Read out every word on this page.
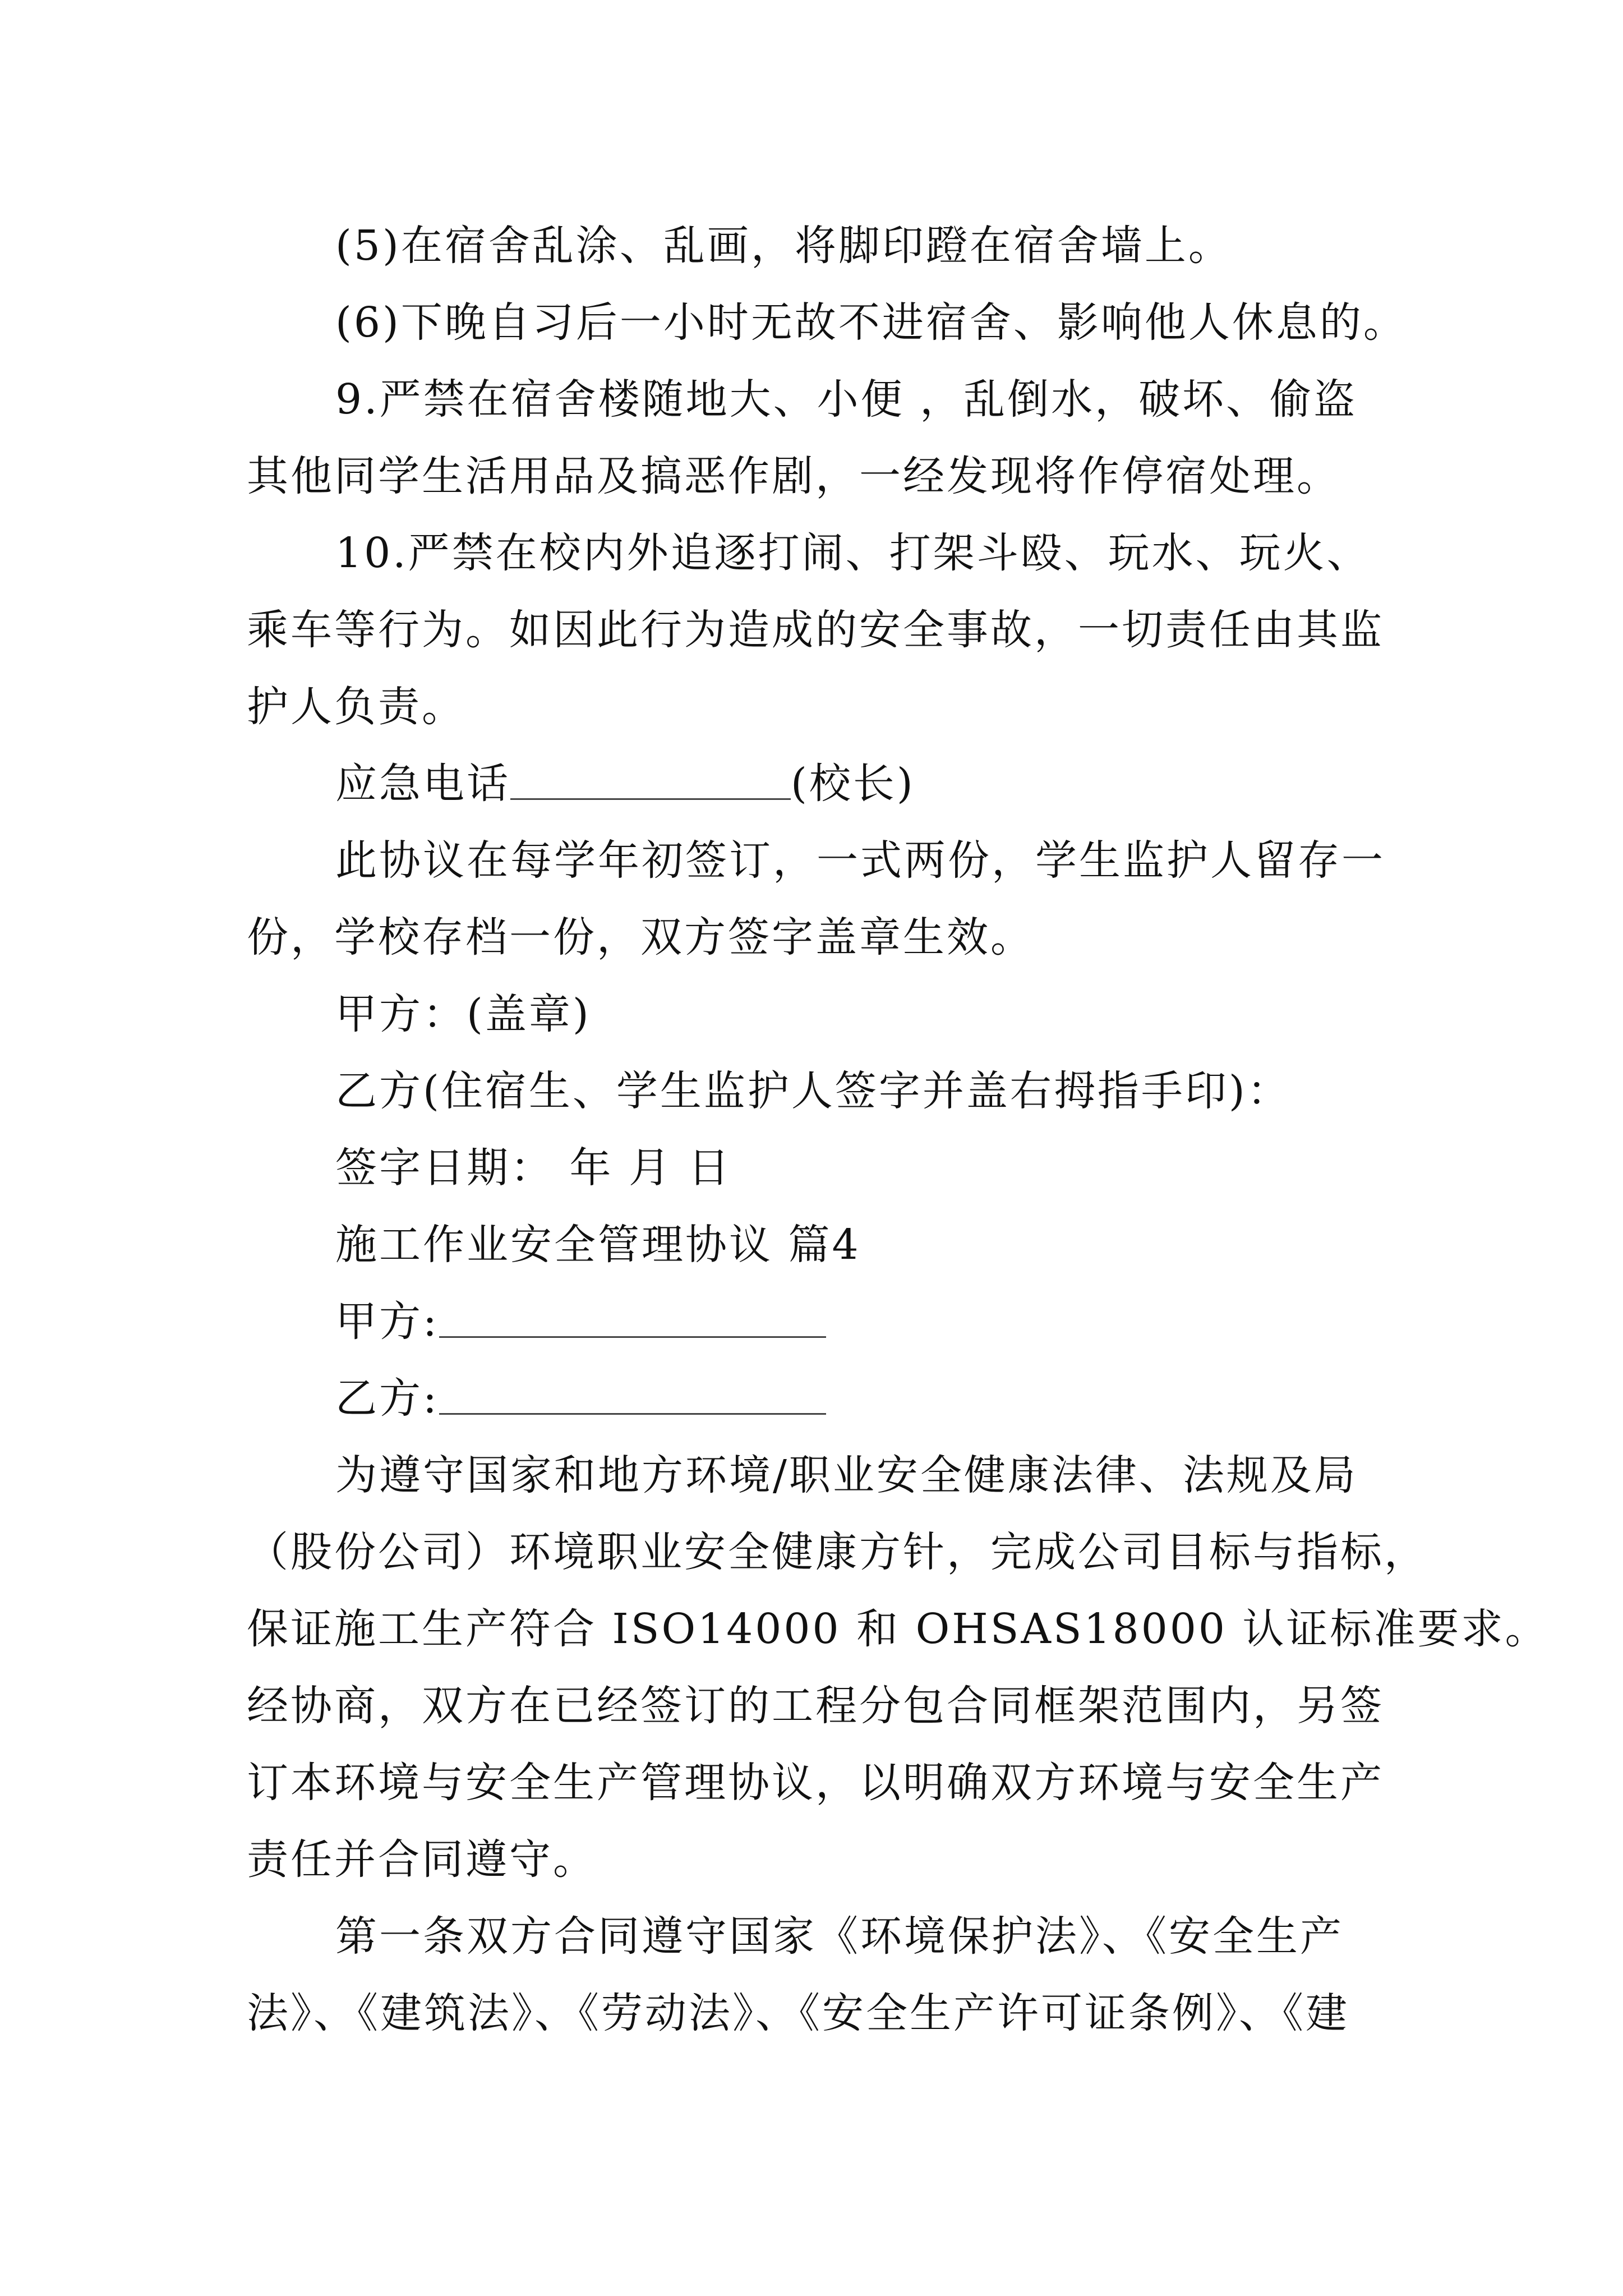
(5)在宿舍乱涂、乱画，将脚印蹬在宿舍墙上。
(6)下晚自习后一小时无故不进宿舍、影响他人休息的。
9.严禁在宿舍楼随地大、小便 ，乱倒水，破坏、偷盗
其他同学生活用品及搞恶作剧，一经发现将作停宿处理。
10.严禁在校内外追逐打闹、打架斗殴、玩水、玩火、
乘车等行为。如因此行为造成的安全事故，一切责任由其监
护人负责。
应急电话	(校长)
此协议在每学年初签订，一式两份，学生监护人留存一
份，学校存档一份，双方签字盖章生效。
甲方：(盖章)
乙方(住宿生、学生监护人签字并盖右拇指手印)：
签字日期： 年 月 日
施工作业安全管理协议 篇4
甲方:
乙方:
为遵守国家和地方环境/职业安全健康法律、法规及局
（股份公司）环境职业安全健康方针，完成公司目标与指标，
保证施工生产符合 ISO14000 和 OHSAS18000 认证标准要求。
经协商，双方在已经签订的工程分包合同框架范围内，另签
订本环境与安全生产管理协议，以明确双方环境与安全生产
责任并合同遵守。
第一条双方合同遵守国家《环境保护法》、《安全生产
法》、《建筑法》、《劳动法》、《安全生产许可证条例》、《建
